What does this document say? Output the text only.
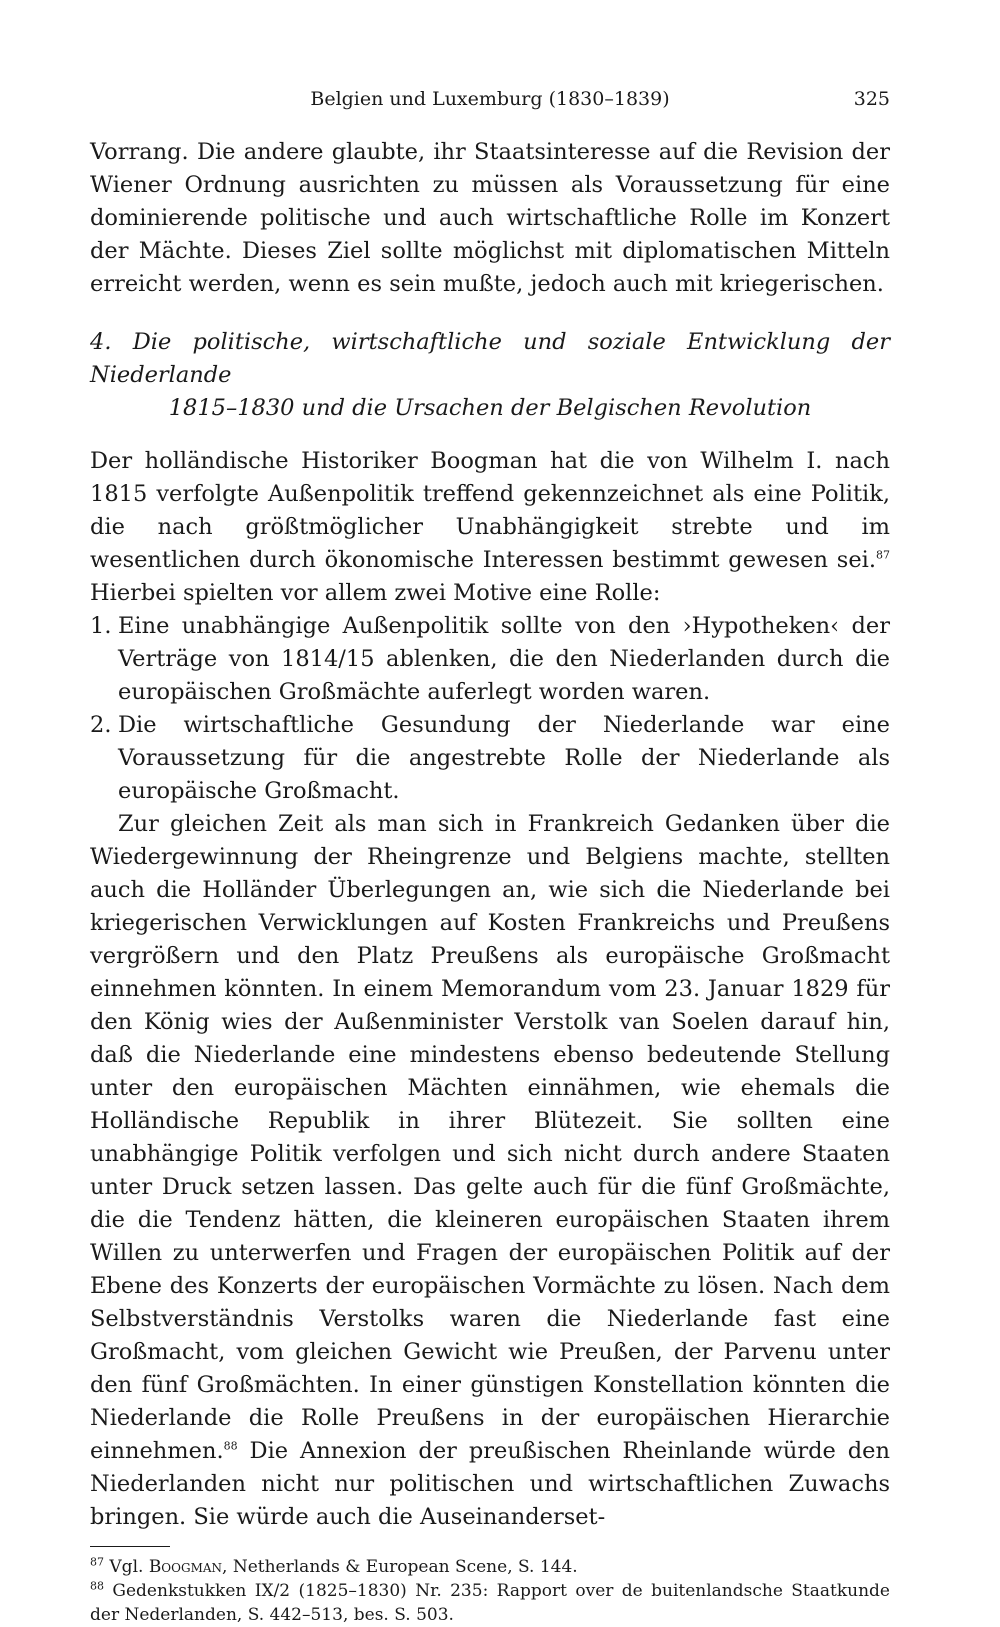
Belgien und Luxemburg (1830–1839)	325

Vorrang. Die andere glaubte, ihr Staatsinteresse auf die Revision der Wiener Ordnung ausrichten zu müssen als Voraussetzung für eine dominierende politische und auch wirtschaftliche Rolle im Konzert der Mächte. Dieses Ziel sollte möglichst mit diplomatischen Mitteln erreicht werden, wenn es sein mußte, jedoch auch mit kriegerischen.

4. Die politische, wirtschaftliche und soziale Entwicklung der Niederlande
1815–1830 und die Ursachen der Belgischen Revolution

Der holländische Historiker Boogman hat die von Wilhelm I. nach 1815 verfolgte Außenpolitik treffend gekennzeichnet als eine Politik, die nach größtmöglicher Unabhängigkeit strebte und im wesentlichen durch ökonomische Interessen bestimmt gewesen sei.$^{87}$ Hierbei spielten vor allem zwei Motive eine Rolle:

1. Eine unabhängige Außenpolitik sollte von den ›Hypotheken‹ der Verträge von 1814/15 ablenken, die den Niederlanden durch die europäischen Großmächte auferlegt worden waren.
2. Die wirtschaftliche Gesundung der Niederlande war eine Voraussetzung für die angestrebte Rolle der Niederlande als europäische Großmacht.

Zur gleichen Zeit als man sich in Frankreich Gedanken über die Wiedergewinnung der Rheingrenze und Belgiens machte, stellten auch die Holländer Überlegungen an, wie sich die Niederlande bei kriegerischen Verwicklungen auf Kosten Frankreichs und Preußens vergrößern und den Platz Preußens als europäische Großmacht einnehmen könnten. In einem Memorandum vom 23. Januar 1829 für den König wies der Außenminister Verstolk van Soelen darauf hin, daß die Niederlande eine mindestens ebenso bedeutende Stellung unter den europäischen Mächten einnähmen, wie ehemals die Holländische Republik in ihrer Blütezeit. Sie sollten eine unabhängige Politik verfolgen und sich nicht durch andere Staaten unter Druck setzen lassen. Das gelte auch für die fünf Großmächte, die die Tendenz hätten, die kleineren europäischen Staaten ihrem Willen zu unterwerfen und Fragen der europäischen Politik auf der Ebene des Konzerts der europäischen Vormächte zu lösen. Nach dem Selbstverständnis Verstolks waren die Niederlande fast eine Großmacht, vom gleichen Gewicht wie Preußen, der Parvenu unter den fünf Großmächten. In einer günstigen Konstellation könnten die Niederlande die Rolle Preußens in der europäischen Hierarchie einnehmen.$^{88}$ Die Annexion der preußischen Rheinlande würde den Niederlanden nicht nur politischen und wirtschaftlichen Zuwachs bringen. Sie würde auch die Auseinanderset-

$^{87}$ Vgl. Boogman, Netherlands & European Scene, S. 144.

$^{88}$ Gedenkstukken IX/2 (1825–1830) Nr. 235: Rapport over de buitenlandsche Staatkunde der Nederlanden, S. 442–513, bes. S. 503.
